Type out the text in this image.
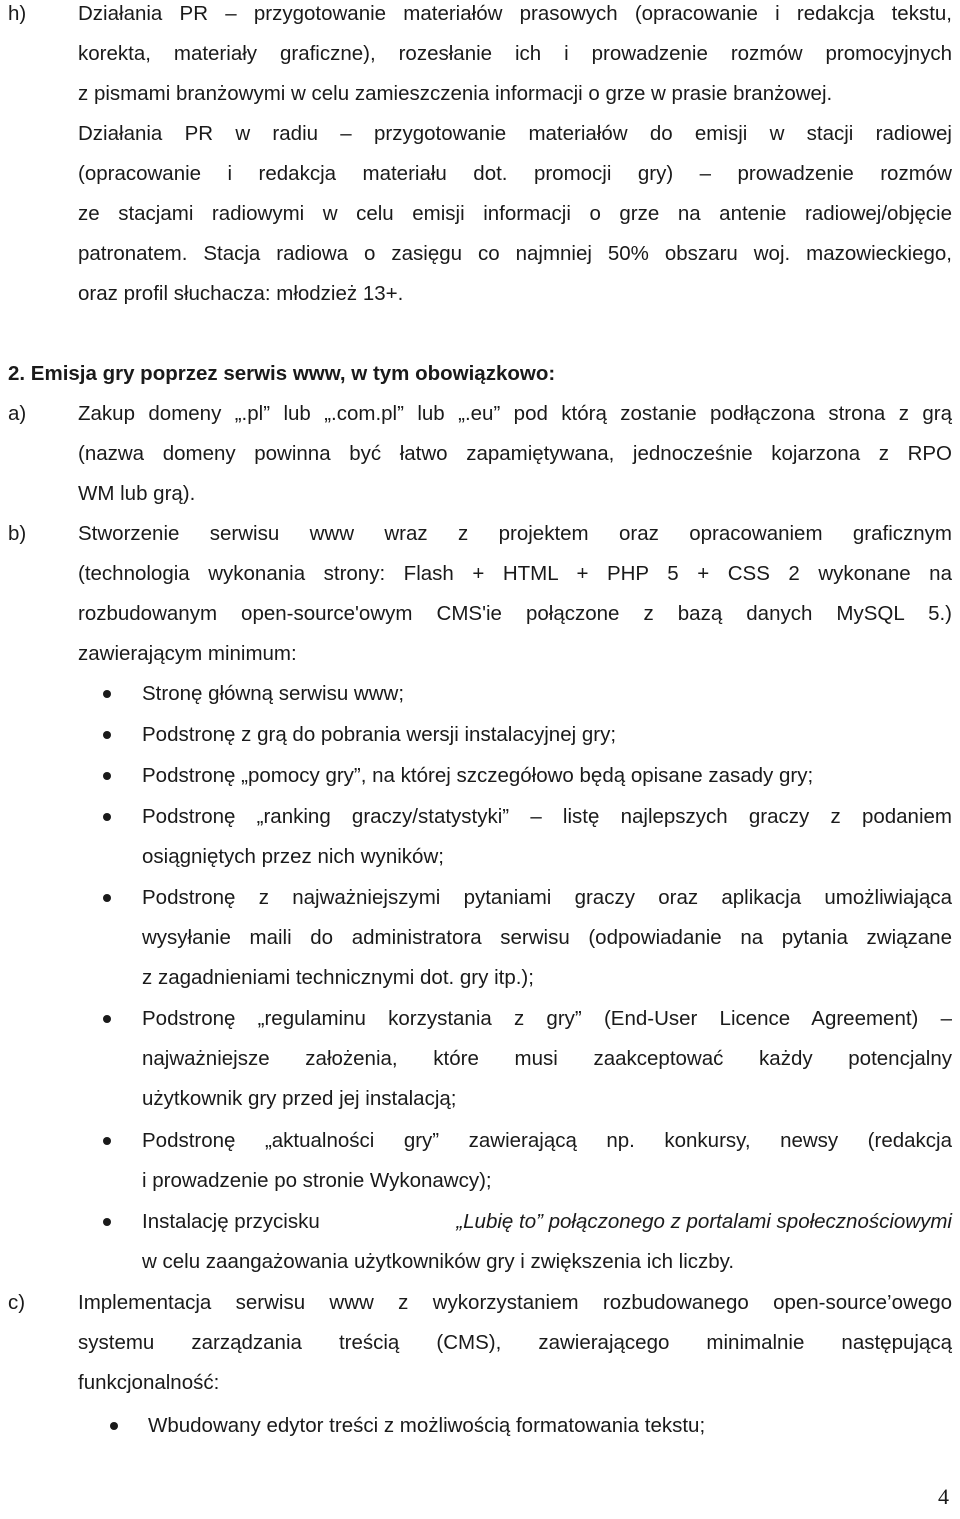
h)	Działania PR – przygotowanie materiałów prasowych (opracowanie i redakcja tekstu,
korekta, materiały graficzne), rozesłanie ich i prowadzenie rozmów promocyjnych
z pismami branżowymi w celu zamieszczenia informacji o grze w prasie branżowej.
Działania PR w radiu – przygotowanie materiałów do emisji w stacji radiowej
(opracowanie i redakcja materiału dot. promocji gry) – prowadzenie rozmów
ze stacjami radiowymi w celu emisji informacji o grze na antenie radiowej/objęcie
patronatem. Stacja radiowa o zasięgu co najmniej 50% obszaru woj. mazowieckiego,
oraz profil słuchacza: młodzież 13+.
2. Emisja gry poprzez serwis www, w tym obowiązkowo:
a)	Zakup domeny „.pl” lub „.com.pl” lub „.eu” pod którą zostanie podłączona strona z grą
(nazwa domeny powinna być łatwo zapamiętywana, jednocześnie kojarzona z RPO
WM lub grą).
b)	Stworzenie serwisu www wraz z projektem oraz opracowaniem graficznym
(technologia wykonania strony: Flash + HTML + PHP 5 + CSS 2 wykonane na
rozbudowanym open-source'owym CMS'ie połączone z bazą danych MySQL 5.)
zawierającym minimum:
Stronę główną serwisu www;
Podstronę z grą do pobrania wersji instalacyjnej gry;
Podstronę „pomocy gry”, na której szczegółowo będą opisane zasady gry;
Podstronę „ranking graczy/statystyki” – listę najlepszych graczy z podaniem
osiągniętych przez nich wyników;
Podstronę z najważniejszymi pytaniami graczy oraz aplikacja umożliwiająca
wysyłanie maili do administratora serwisu (odpowiadanie na pytania związane
z zagadnieniami technicznymi dot. gry itp.);
Podstronę „regulaminu korzystania z gry” (End-User Licence Agreement) –
najważniejsze założenia, które musi zaakceptować każdy potencjalny
użytkownik gry przed jej instalacją;
Podstronę „aktualności gry” zawierającą np. konkursy, newsy (redakcja
i prowadzenie po stronie Wykonawcy);
Instalację przycisku	„Lubię to” połączonego z portalami społecznościowymi
w celu zaangażowania użytkowników gry i zwiększenia ich liczby.
c)	Implementacja serwisu www z wykorzystaniem rozbudowanego open-source’owego
systemu zarządzania treścią (CMS), zawierającego minimalnie następującą
funkcjonalność:
Wbudowany edytor treści z możliwością formatowania tekstu;
4
